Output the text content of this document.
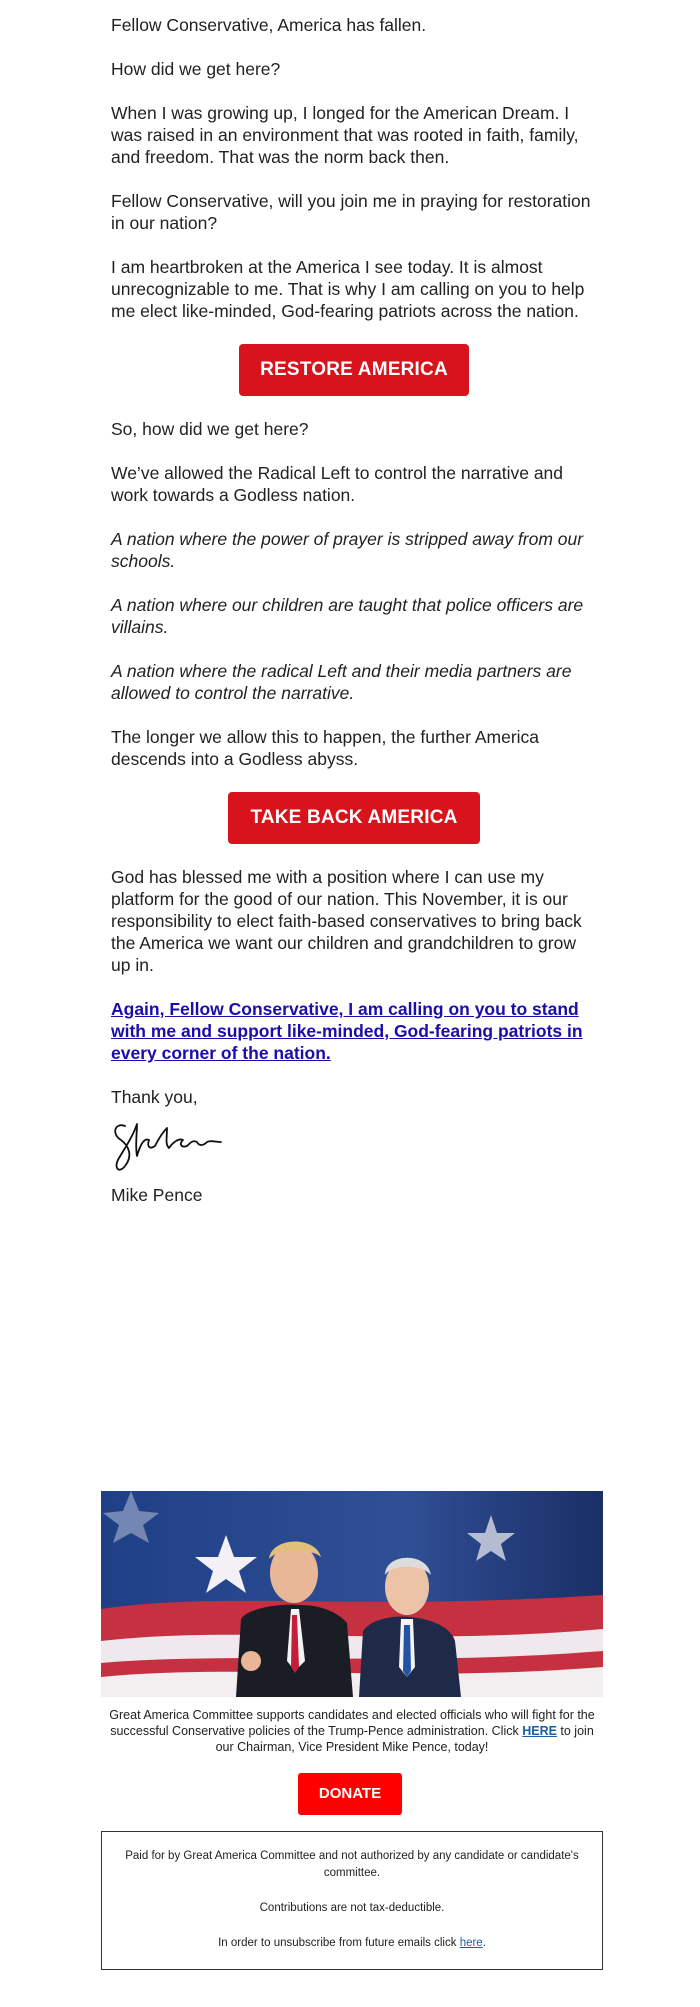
Fellow Conservative, America has fallen.

How did we get here?

When I was growing up, I longed for the American Dream. I was raised in an environment that was rooted in faith, family, and freedom. That was the norm back then.

Fellow Conservative, will you join me in praying for restoration in our nation?

I am heartbroken at the America I see today. It is almost unrecognizable to me. That is why I am calling on you to help me elect like-minded, God-fearing patriots across the nation.

RESTORE AMERICA

So, how did we get here?

We’ve allowed the Radical Left to control the narrative and work towards a Godless nation.

A nation where the power of prayer is stripped away from our schools.

A nation where our children are taught that police officers are villains.

A nation where the radical Left and their media partners are allowed to control the narrative.

The longer we allow this to happen, the further America descends into a Godless abyss.

TAKE BACK AMERICA

God has blessed me with a position where I can use my platform for the good of our nation. This November, it is our responsibility to elect faith-based conservatives to bring back the America we want our children and grandchildren to grow up in.

Again, Fellow Conservative, I am calling on you to stand with me and support like-minded, God-fearing patriots in every corner of the nation.

Thank you,

Mike Pence

Great America Committee supports candidates and elected officials who will fight for the successful Conservative policies of the Trump-Pence administration. Click HERE to join our Chairman, Vice President Mike Pence, today!
DONATE

Paid for by Great America Committee and not authorized by any candidate or candidate's committee.

Contributions are not tax-deductible.

In order to unsubscribe from future emails click here.
